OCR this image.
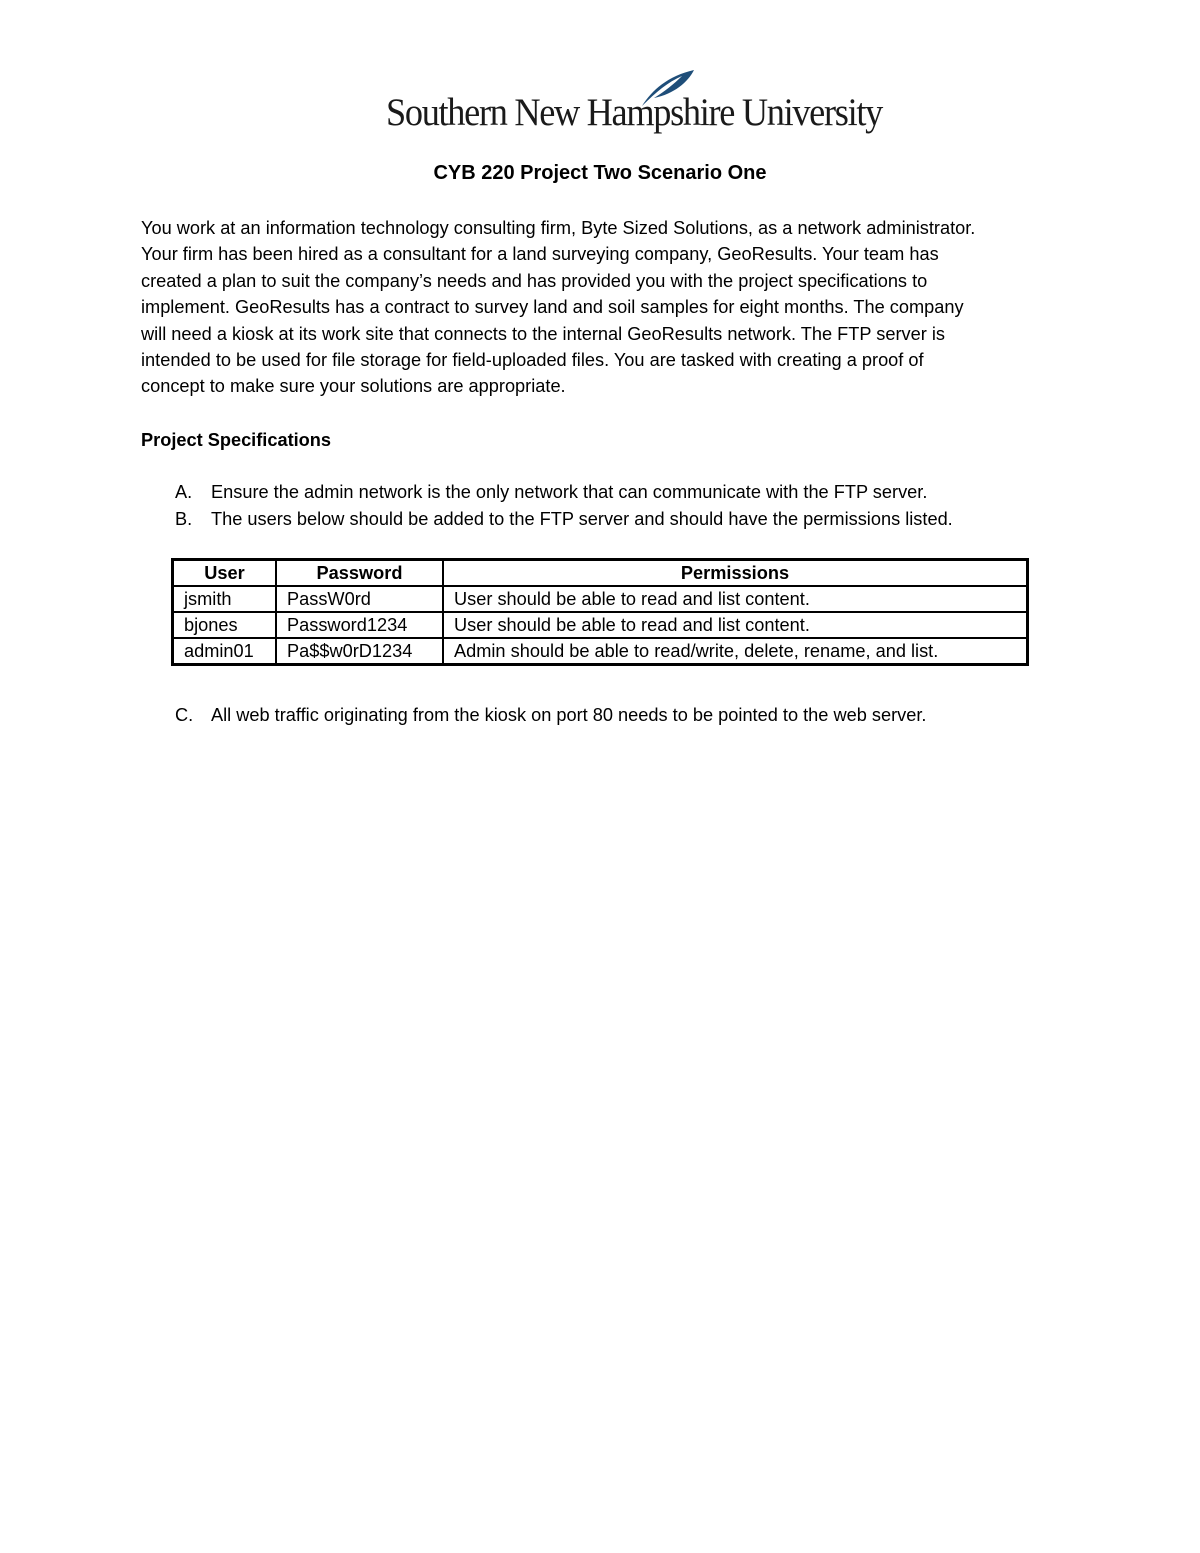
Southern New Hampshire University
CYB 220 Project Two Scenario One

You work at an information technology consulting firm, Byte Sized Solutions, as a network administrator.
Your firm has been hired as a consultant for a land surveying company, GeoResults. Your team has
created a plan to suit the company’s needs and has provided you with the project specifications to
implement. GeoResults has a contract to survey land and soil samples for eight months. The company
will need a kiosk at its work site that connects to the internal GeoResults network. The FTP server is
intended to be used for file storage for field-uploaded files. You are tasked with creating a proof of
concept to make sure your solutions are appropriate.

Project Specifications
A. Ensure the admin network is the only network that can communicate with the FTP server.
B. The users below should be added to the FTP server and should have the permissions listed.
User	Password	Permissions
jsmith	PassW0rd	User should be able to read and list content.
bjones	Password1234	User should be able to read and list content.
admin01	Pa$$w0rD1234	Admin should be able to read/write, delete, rename, and list.
C. All web traffic originating from the kiosk on port 80 needs to be pointed to the web server.
